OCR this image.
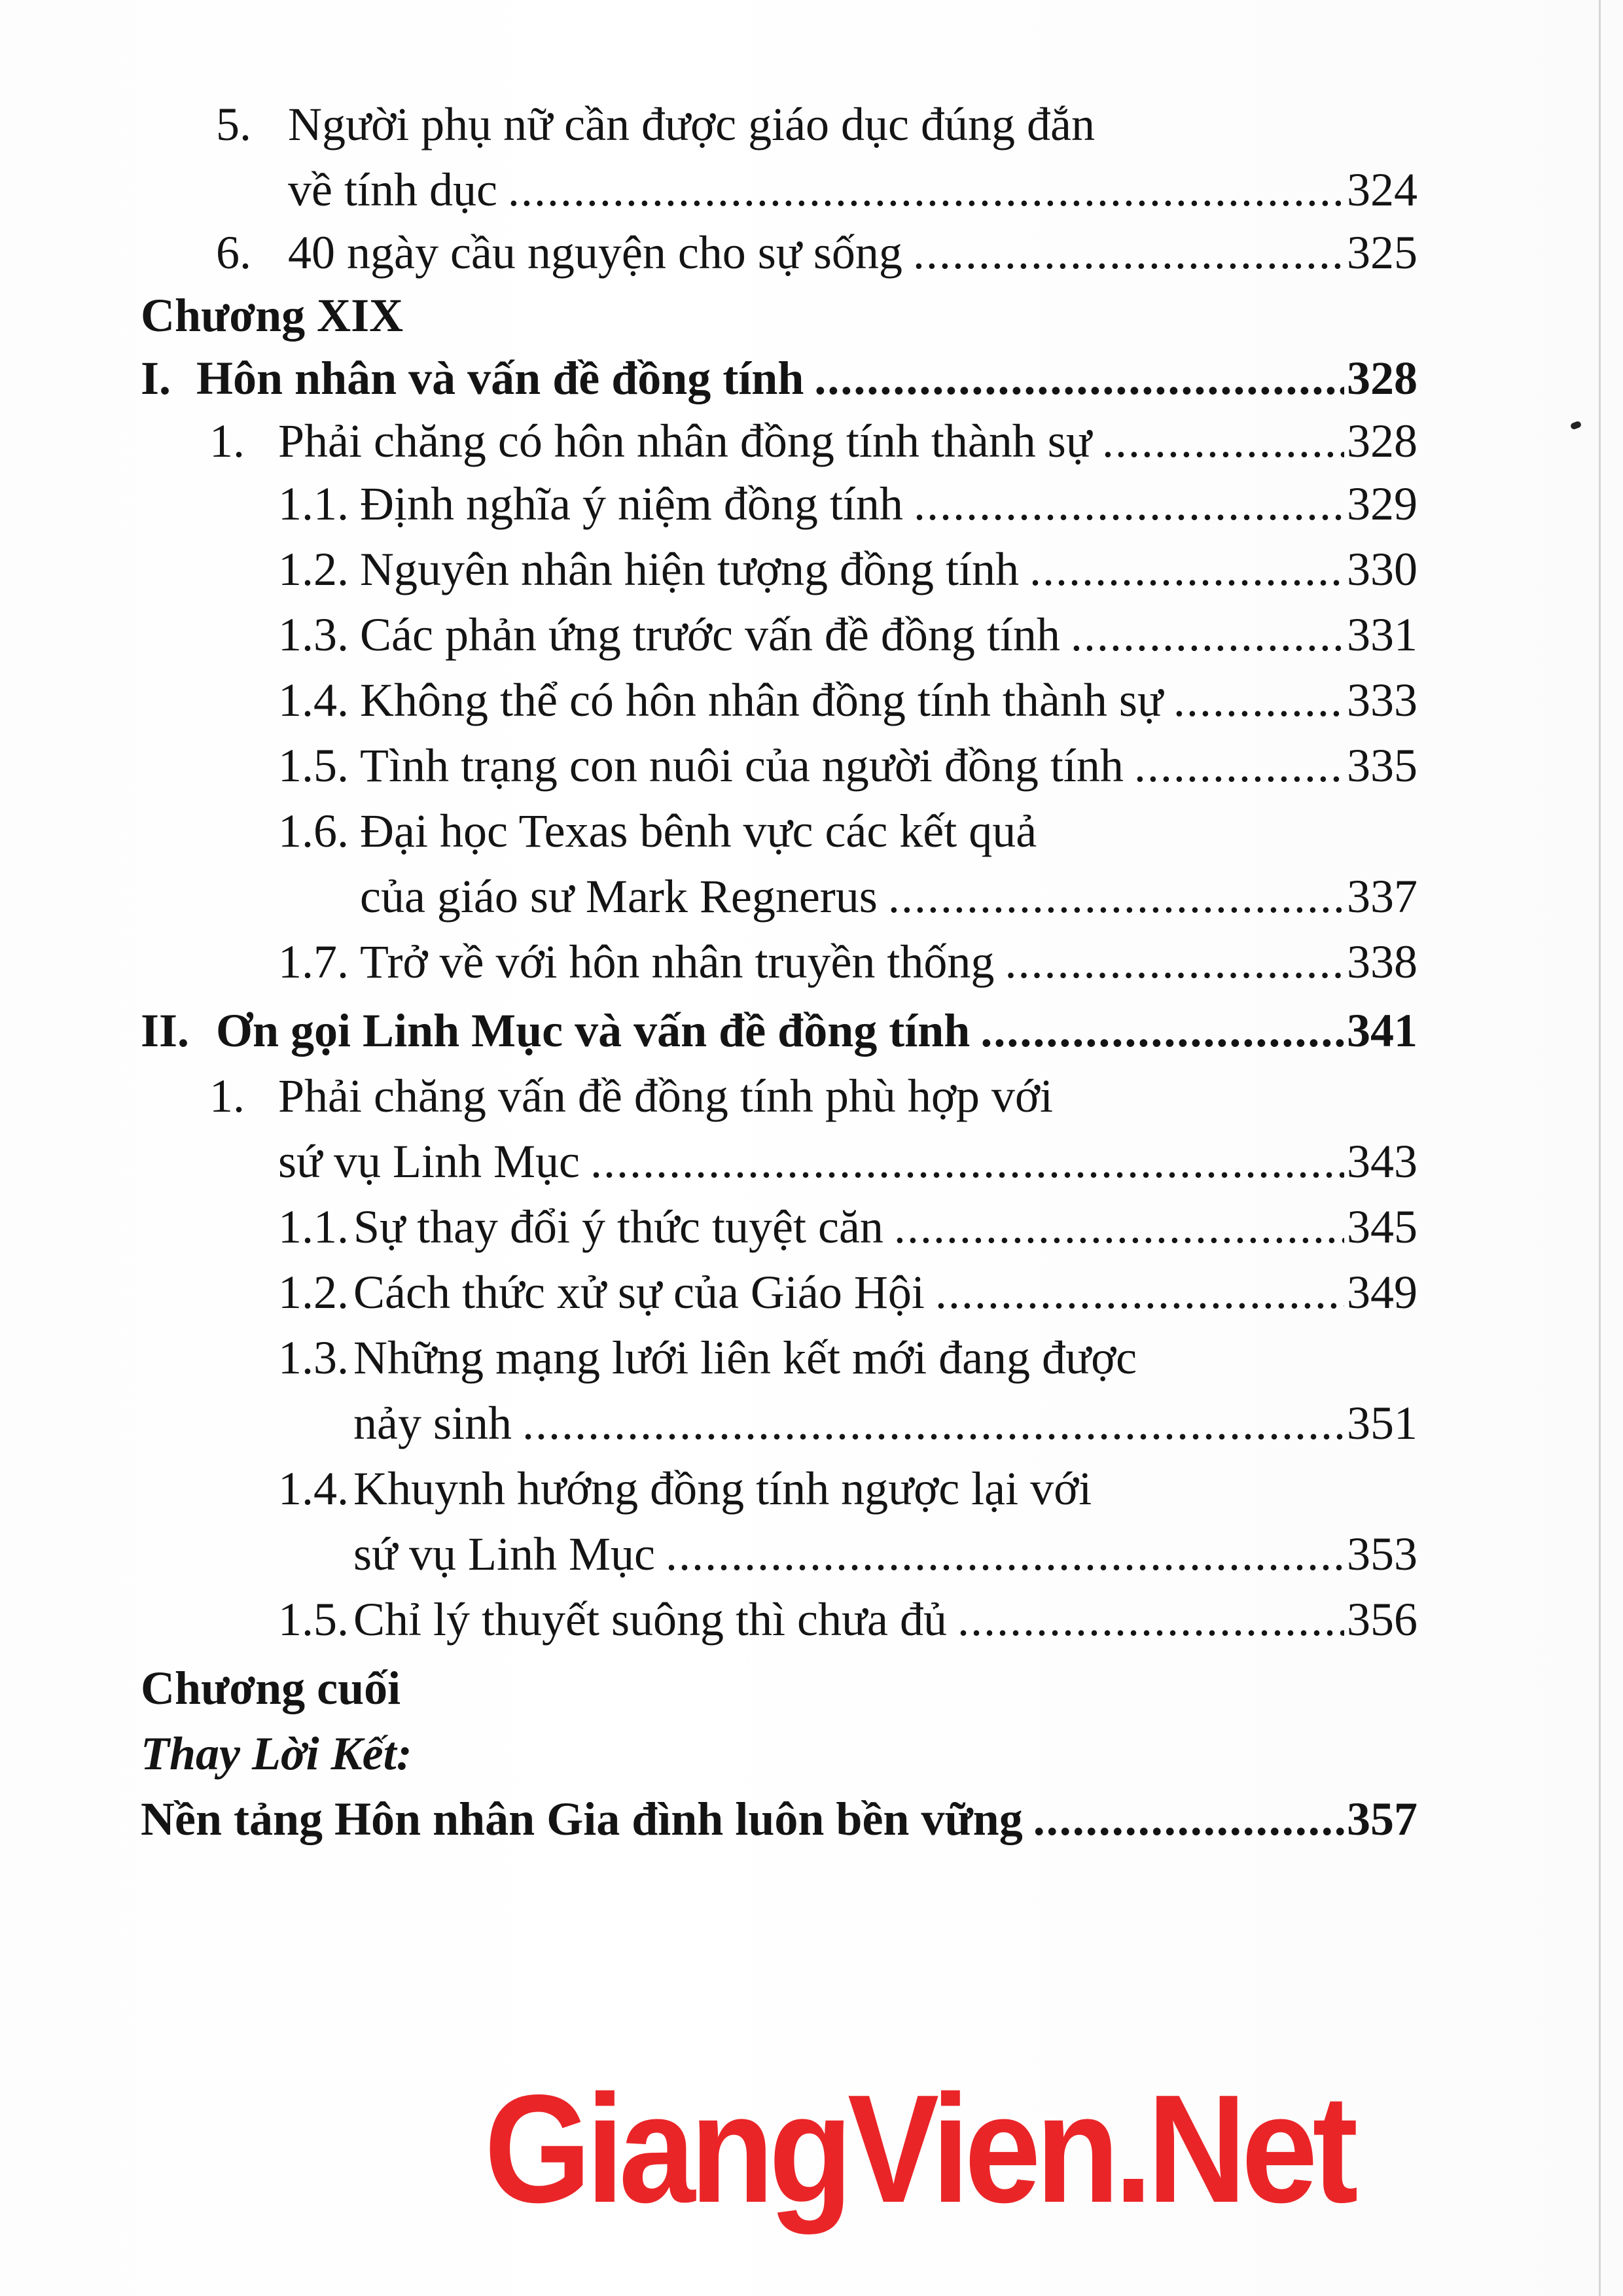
5. Người phụ nữ cần được giáo dục đúng đắn
về tính dục .....	324
6. 40 ngày cầu nguyện cho sự sống .....	325
Chương XIX
I. Hôn nhân và vấn đề đồng tính .....	328
1. Phải chăng có hôn nhân đồng tính thành sự .....	328
1.1. Định nghĩa ý niệm đồng tính .....	329
1.2. Nguyên nhân hiện tượng đồng tính .....	330
1.3. Các phản ứng trước vấn đề đồng tính .....	331
1.4. Không thể có hôn nhân đồng tính thành sự .....	333
1.5. Tình trạng con nuôi của người đồng tính .....	335
1.6. Đại học Texas bênh vực các kết quả
của giáo sư Mark Regnerus .....	337
1.7. Trở về với hôn nhân truyền thống .....	338
II. Ơn gọi Linh Mục và vấn đề đồng tính .....	341
1. Phải chăng vấn đề đồng tính phù hợp với
sứ vụ Linh Mục .....	343
1.1. Sự thay đổi ý thức tuyệt căn .....	345
1.2. Cách thức xử sự của Giáo Hội .....	349
1.3. Những mạng lưới liên kết mới đang được
nảy sinh .....	351
1.4. Khuynh hướng đồng tính ngược lại với
sứ vụ Linh Mục .....	353
1.5. Chỉ lý thuyết suông thì chưa đủ .....	356
Chương cuối
Thay Lời Kết:
Nền tảng Hôn nhân Gia đình luôn bền vững .....	357
GiangVien.Net
